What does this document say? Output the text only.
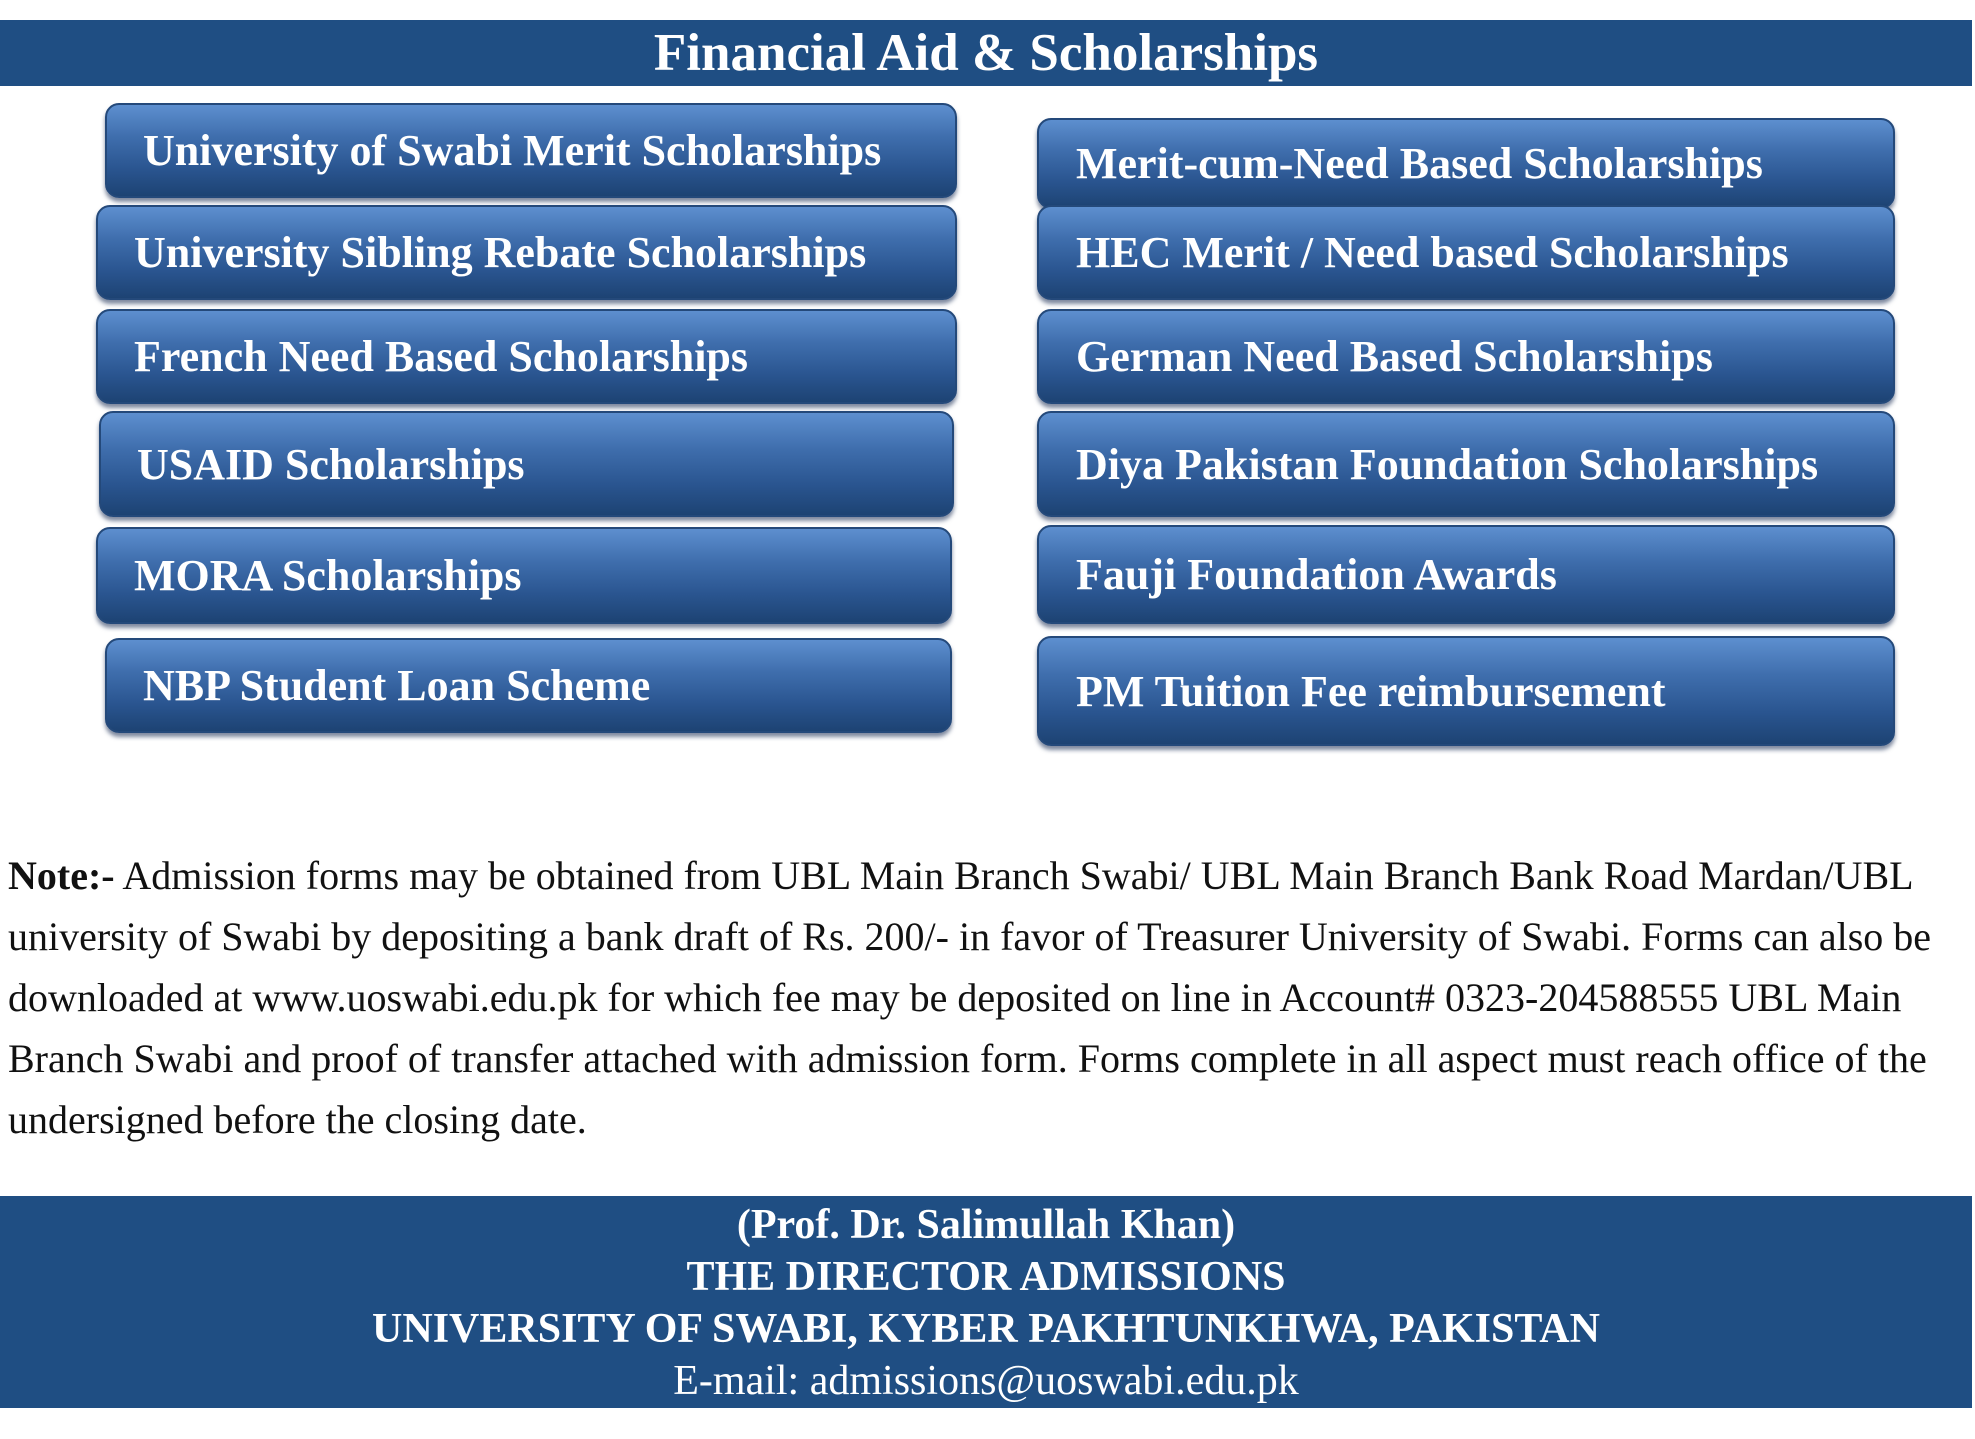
Financial Aid & Scholarships
University of Swabi Merit Scholarships
University Sibling Rebate Scholarships
French Need Based Scholarships
USAID Scholarships
MORA Scholarships
NBP Student Loan Scheme
Merit-cum-Need Based Scholarships
HEC Merit / Need based Scholarships
German Need Based Scholarships
Diya Pakistan Foundation Scholarships
Fauji Foundation Awards
PM Tuition Fee reimbursement

Note:- Admission forms may be obtained from UBL Main Branch Swabi/ UBL Main Branch Bank Road Mardan/UBL university of Swabi by depositing a bank draft of Rs. 200/- in favor of Treasurer University of Swabi. Forms can also be downloaded at www.uoswabi.edu.pk for which fee may be deposited on line in Account# 0323-204588555 UBL Main Branch Swabi and proof of transfer attached with admission form. Forms complete in all aspect must reach office of the undersigned before the closing date.

(Prof. Dr. Salimullah Khan)
THE DIRECTOR ADMISSIONS
UNIVERSITY OF SWABI, KYBER PAKHTUNKHWA, PAKISTAN
E-mail: admissions@uoswabi.edu.pk
